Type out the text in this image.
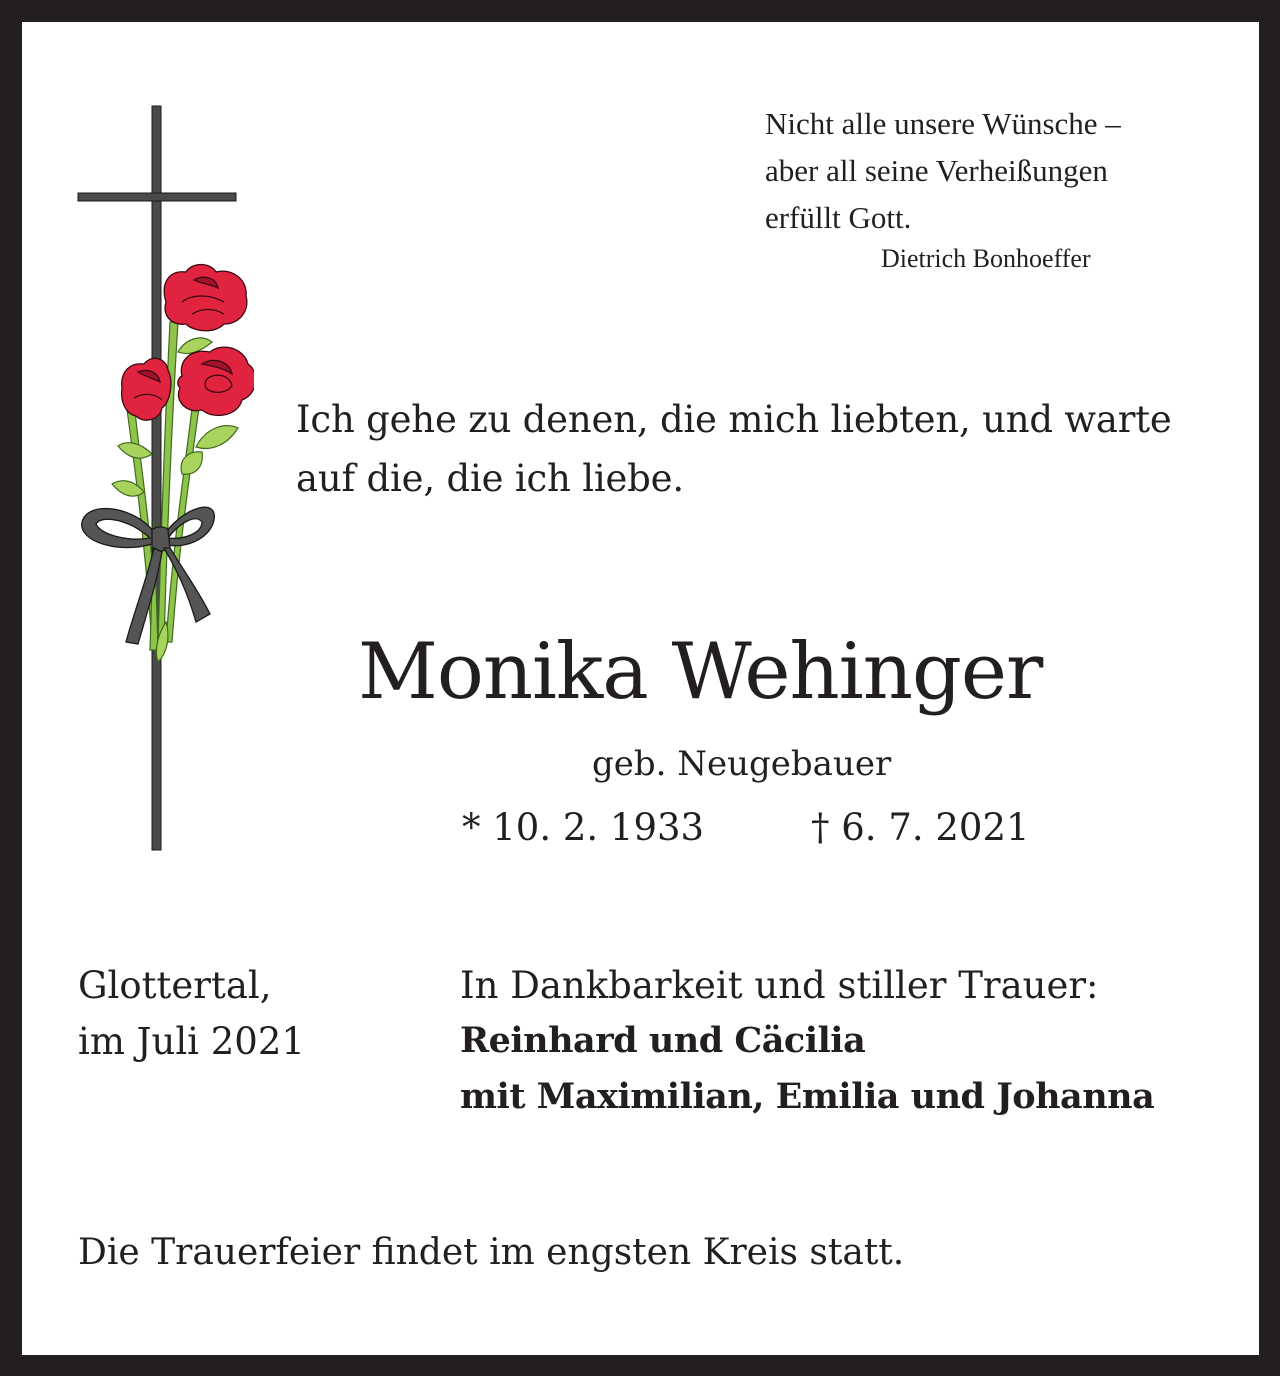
Nicht alle unsere Wünsche –
aber all seine Verheißungen
erfüllt Gott.
Dietrich Bonhoeffer
Ich gehe zu denen, die mich liebten, und warte
auf die, die ich liebe.
Monika Wehinger
geb. Neugebauer
* 10. 2. 1933	† 6. 7. 2021
Glottertal,
im Juli 2021
In Dankbarkeit und stiller Trauer:
Reinhard und Cäcilia
mit Maximilian, Emilia und Johanna
Die Trauerfeier findet im engsten Kreis statt.
